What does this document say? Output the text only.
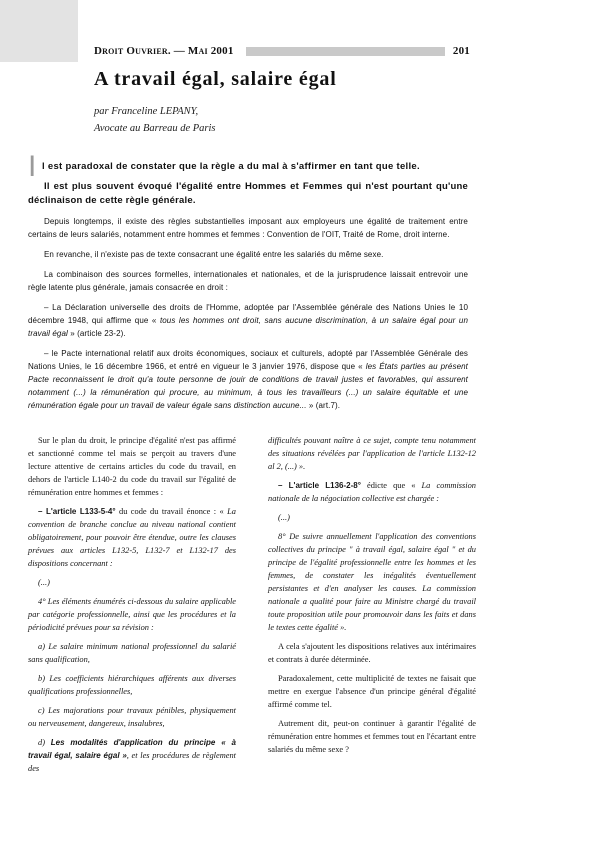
Droit Ouvrier. — Mai 2001	201
A travail égal, salaire égal
par Franceline LEPANY,
Avocate au Barreau de Paris

Il est paradoxal de constater que la règle a du mal à s'affirmer en tant que telle.

Il est plus souvent évoqué l'égalité entre Hommes et Femmes qui n'est pourtant qu'une déclinaison de cette règle générale.

Depuis longtemps, il existe des règles substantielles imposant aux employeurs une égalité de traitement entre certains de leurs salariés, notamment entre hommes et femmes : Convention de l'OIT, Traité de Rome, droit interne.

En revanche, il n'existe pas de texte consacrant une égalité entre les salariés du même sexe.

La combinaison des sources formelles, internationales et nationales, et de la jurisprudence laissait entrevoir une règle latente plus générale, jamais consacrée en droit :

– La Déclaration universelle des droits de l'Homme, adoptée par l'Assemblée générale des Nations Unies le 10 décembre 1948, qui affirme que « tous les hommes ont droit, sans aucune discrimination, à un salaire égal pour un travail égal » (article 23-2).

– le Pacte international relatif aux droits économiques, sociaux et culturels, adopté par l'Assemblée Générale des Nations Unies, le 16 décembre 1966, et entré en vigueur le 3 janvier 1976, dispose que « les États parties au présent Pacte reconnaissent le droit qu'a toute personne de jouir de conditions de travail justes et favorables, qui assurent notamment (...) la rémunération qui procure, au minimum, à tous les travailleurs (...) un salaire équitable et une rémunération égale pour un travail de valeur égale sans distinction aucune... » (art.7).

Sur le plan du droit, le principe d'égalité n'est pas affirmé et sanctionné comme tel mais se perçoit au travers d'une lecture attentive de certains articles du code du travail, en dehors de l'article L140-2 du code du travail sur l'égalité de rémunération entre hommes et femmes :

– L'article L133-5-4° du code du travail énonce : « La convention de branche conclue au niveau national contient obligatoirement, pour pouvoir être étendue, outre les clauses prévues aux articles L132-5, L132-7 et L132-17 des dispositions concernant :

(...)

4° Les éléments énumérés ci-dessous du salaire applicable par catégorie professionnelle, ainsi que les procédures et la périodicité prévues pour sa révision :

a) Le salaire minimum national professionnel du salarié sans qualification,

b) Les coefficients hiérarchiques afférents aux diverses qualifications professionnelles,

c) Les majorations pour travaux pénibles, physiquement ou nerveusement, dangereux, insalubres,

d) Les modalités d'application du principe « à travail égal, salaire égal », et les procédures de règlement des

difficultés pouvant naître à ce sujet, compte tenu notamment des situations révélées par l'application de l'article L132-12 al 2, (...) ».

– L'article L136-2-8° édicte que « La commission nationale de la négociation collective est chargée :

(...)

8° De suivre annuellement l'application des conventions collectives du principe " à travail égal, salaire égal " et du principe de l'égalité professionnelle entre les hommes et les femmes, de constater les inégalités éventuellement persistantes et d'en analyser les causes. La commission nationale a qualité pour faire au Ministre chargé du travail toute proposition utile pour promouvoir dans les faits et dans le textes cette égalité ».

A cela s'ajoutent les dispositions relatives aux intérimaires et contrats à durée déterminée.

Paradoxalement, cette multiplicité de textes ne faisait que mettre en exergue l'absence d'un principe général d'égalité affirmé comme tel.

Autrement dit, peut-on continuer à garantir l'égalité de rémunération entre hommes et femmes tout en l'écartant entre salariés du même sexe ?
